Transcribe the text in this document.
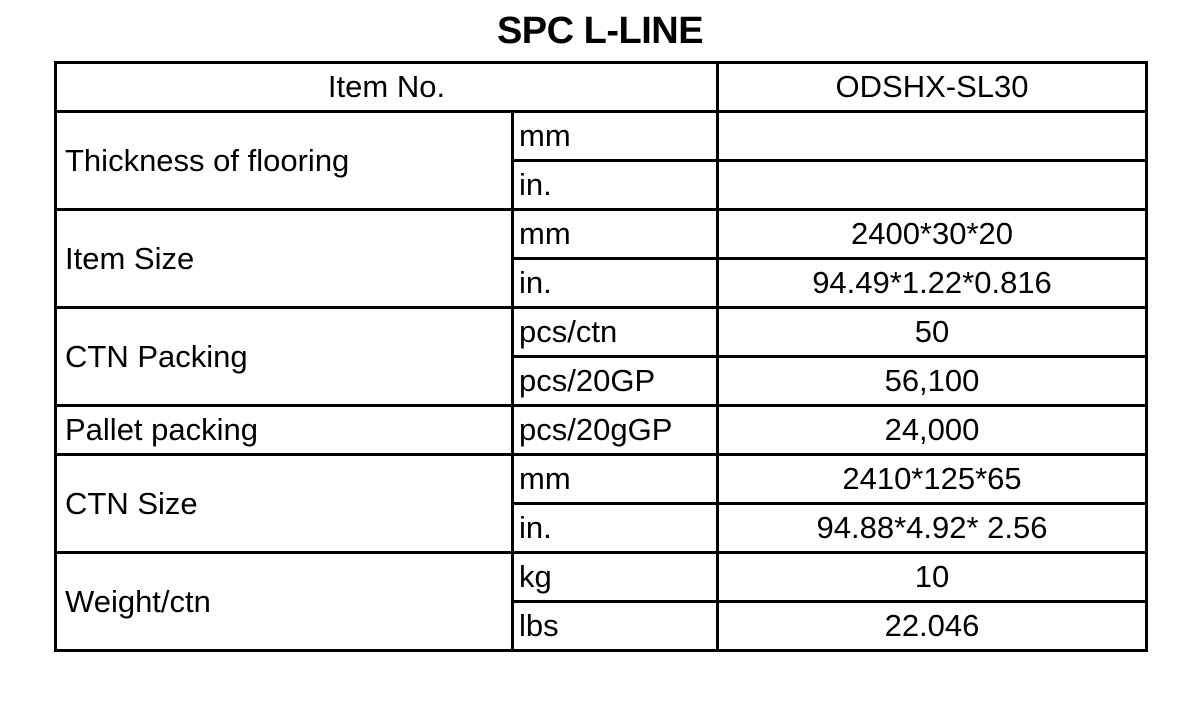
SPC L-LINE
Item No.		ODSHX-SL30
Thickness of flooring	mm	
	in.	
Item Size	mm	2400*30*20
	in.	94.49*1.22*0.816
CTN Packing	pcs/ctn	50
	pcs/20GP	56,100
Pallet packing	pcs/20gGP	24,000
CTN Size	mm	2410*125*65
	in.	94.88*4.92* 2.56
Weight/ctn	kg	10
	lbs	22.046
